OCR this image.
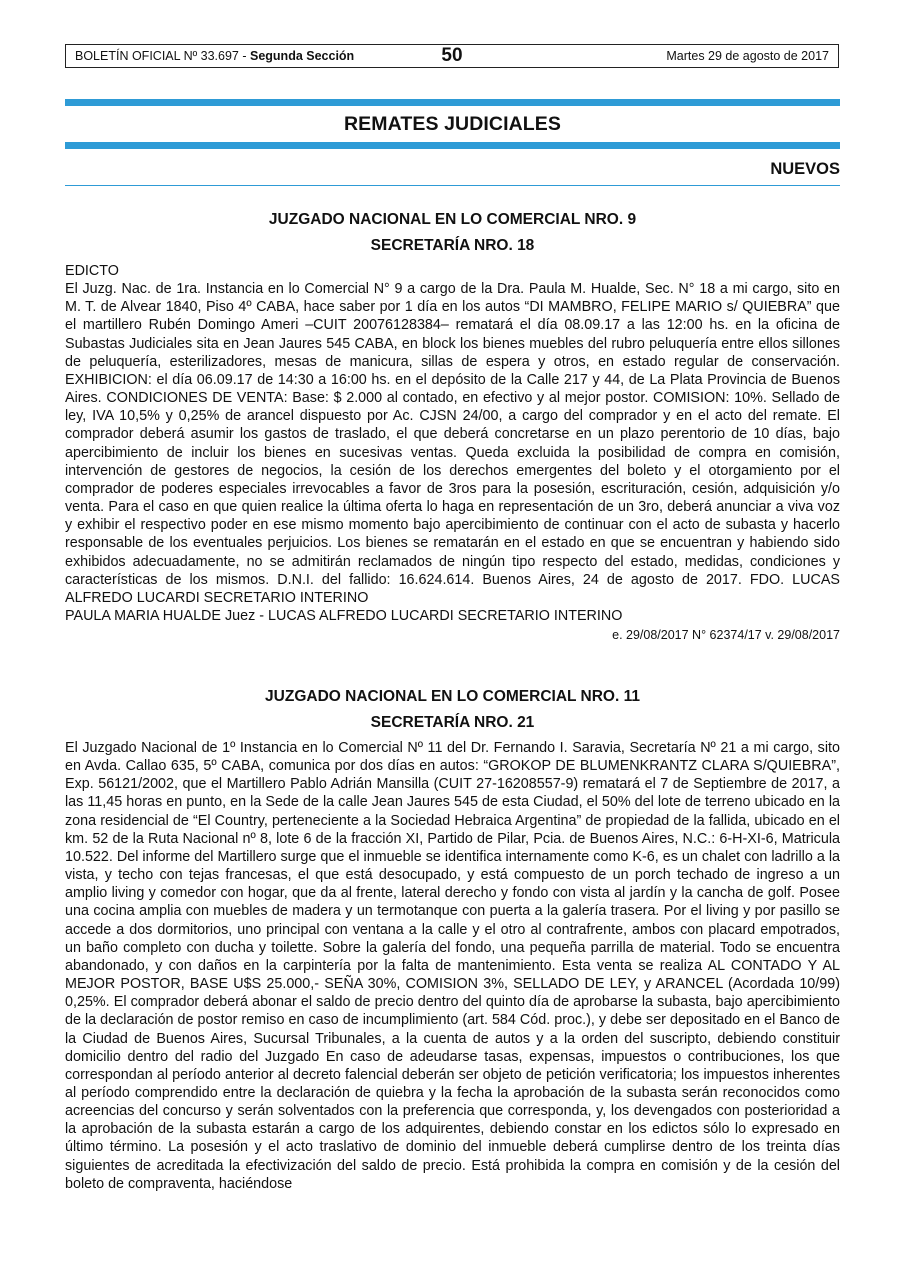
BOLETÍN OFICIAL Nº 33.697 - Segunda Sección	50	Martes 29 de agosto de 2017
REMATES JUDICIALES
NUEVOS
JUZGADO NACIONAL EN LO COMERCIAL NRO. 9
SECRETARÍA NRO. 18

EDICTO

El Juzg. Nac. de 1ra. Instancia en lo Comercial N° 9 a cargo de la Dra. Paula M. Hualde, Sec. N° 18 a mi cargo, sito en M. T. de Alvear 1840, Piso 4º CABA, hace saber por 1 día en los autos “DI MAMBRO, FELIPE MARIO s/ QUIEBRA” que el martillero Rubén Domingo Ameri –CUIT 20076128384– rematará el día 08.09.17 a las 12:00 hs. en la oficina de Subastas Judiciales sita en Jean Jaures 545 CABA, en block los bienes muebles del rubro peluquería entre ellos sillones de peluquería, esterilizadores, mesas de manicura, sillas de espera y otros, en estado regular de conservación. EXHIBICION: el día 06.09.17 de 14:30 a 16:00 hs. en el depósito de la Calle 217 y 44, de La Plata Provincia de Buenos Aires. CONDICIONES DE VENTA: Base: $ 2.000 al contado, en efectivo y al mejor postor. COMISION: 10%. Sellado de ley, IVA 10,5% y 0,25% de arancel dispuesto por Ac. CJSN 24/00, a cargo del comprador y en el acto del remate. El comprador deberá asumir los gastos de traslado, el que deberá concretarse en un plazo perentorio de 10 días, bajo apercibimiento de incluir los bienes en sucesivas ventas. Queda excluida la posibilidad de compra en comisión, intervención de gestores de negocios, la cesión de los derechos emergentes del boleto y el otorgamiento por el comprador de poderes especiales irrevocables a favor de 3ros para la posesión, escrituración, cesión, adquisición y/o venta. Para el caso en que quien realice la última oferta lo haga en representación de un 3ro, deberá anunciar a viva voz y exhibir el respectivo poder en ese mismo momento bajo apercibimiento de continuar con el acto de subasta y hacerlo responsable de los eventuales perjuicios. Los bienes se rematarán en el estado en que se encuentran y habiendo sido exhibidos adecuadamente, no se admitirán reclamados de ningún tipo respecto del estado, medidas, condiciones y características de los mismos. D.N.I. del fallido: 16.624.614. Buenos Aires, 24 de agosto de 2017. FDO. LUCAS ALFREDO LUCARDI SECRETARIO INTERINO

PAULA MARIA HUALDE Juez - LUCAS ALFREDO LUCARDI SECRETARIO INTERINO

e. 29/08/2017 N° 62374/17 v. 29/08/2017
JUZGADO NACIONAL EN LO COMERCIAL NRO. 11
SECRETARÍA NRO. 21

El Juzgado Nacional de 1º Instancia en lo Comercial Nº 11 del Dr. Fernando I. Saravia, Secretaría Nº 21 a mi cargo, sito en Avda. Callao 635, 5º CABA, comunica por dos días en autos: “GROKOP DE BLUMENKRANTZ CLARA S/QUIEBRA”, Exp. 56121/2002, que el Martillero Pablo Adrián Mansilla (CUIT 27-16208557-9) rematará el 7 de Septiembre de 2017, a las 11,45 horas en punto, en la Sede de la calle Jean Jaures 545 de esta Ciudad, el 50% del lote de terreno ubicado en la zona residencial de “El Country, perteneciente a la Sociedad Hebraica Argentina” de propiedad de la fallida, ubicado en el km. 52 de la Ruta Nacional nº 8, lote 6 de la fracción XI, Partido de Pilar, Pcia. de Buenos Aires, N.C.: 6-H-XI-6, Matricula 10.522. Del informe del Martillero surge que el inmueble se identifica internamente como K-6, es un chalet con ladrillo a la vista, y techo con tejas francesas, el que está desocupado, y está compuesto de un porch techado de ingreso a un amplio living y comedor con hogar, que da al frente, lateral derecho y fondo con vista al jardín y la cancha de golf. Posee una cocina amplia con muebles de madera y un termotanque con puerta a la galería trasera. Por el living y por pasillo se accede a dos dormitorios, uno principal con ventana a la calle y el otro al contrafrente, ambos con placard empotrados, un baño completo con ducha y toilette. Sobre la galería del fondo, una pequeña parrilla de material. Todo se encuentra abandonado, y con daños en la carpintería por la falta de mantenimiento. Esta venta se realiza AL CONTADO Y AL MEJOR POSTOR, BASE U$S 25.000,- SEÑA 30%, COMISION 3%, SELLADO DE LEY, y ARANCEL (Acordada 10/99) 0,25%. El comprador deberá abonar el saldo de precio dentro del quinto día de aprobarse la subasta, bajo apercibimiento de la declaración de postor remiso en caso de incumplimiento (art. 584 Cód. proc.), y debe ser depositado en el Banco de la Ciudad de Buenos Aires, Sucursal Tribunales, a la cuenta de autos y a la orden del suscripto, debiendo constituir domicilio dentro del radio del Juzgado En caso de adeudarse tasas, expensas, impuestos o contribuciones, los que correspondan al período anterior al decreto falencial deberán ser objeto de petición verificatoria; los impuestos inherentes al período comprendido entre la declaración de quiebra y la fecha la aprobación de la subasta serán reconocidos como acreencias del concurso y serán solventados con la preferencia que corresponda, y, los devengados con posterioridad a la aprobación de la subasta estarán a cargo de los adquirentes, debiendo constar en los edictos sólo lo expresado en último término. La posesión y el acto traslativo de dominio del inmueble deberá cumplirse dentro de los treinta días siguientes de acreditada la efectivización del saldo de precio. Está prohibida la compra en comisión y de la cesión del boleto de compraventa, haciéndose
